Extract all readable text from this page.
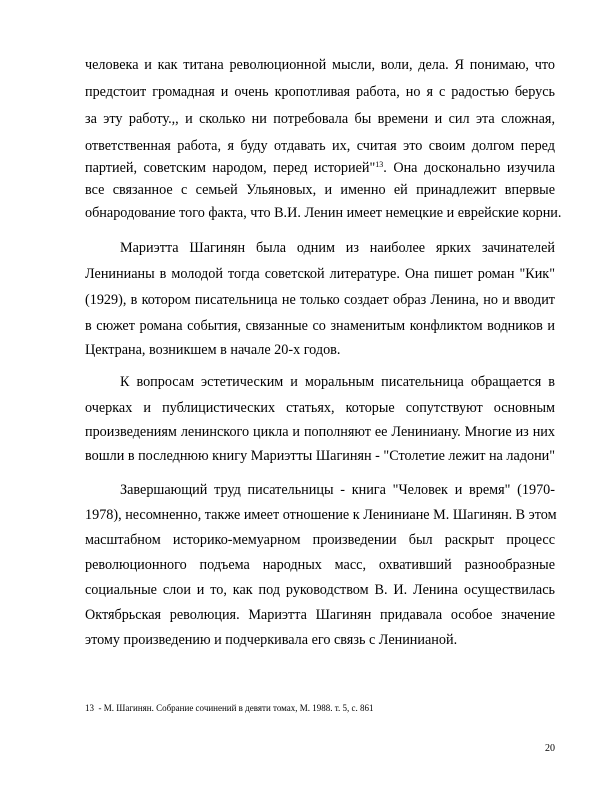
человека и как титана революционной мысли, воли, дела. Я понимаю, что
предстоит громадная и очень кропотливая работа, но я с радостью берусь
за эту работу.,, и сколько ни потребовала бы времени и сил эта сложная,
ответственная работа, я буду отдавать их, считая это своим долгом перед
партией, советским народом, перед историей"$^{13}$. Она досконально изучила
все связанное с семьей Ульяновых, и именно ей принадлежит впервые
обнародование того факта, что В.И. Ленин имеет немецкие и еврейские корни.
Мариэтта Шагинян была одним из наиболее ярких зачинателей
Ленинианы в молодой тогда советской литературе. Она пишет роман "Кик"
(1929), в котором писательница не только создает образ Ленина, но и вводит
в сюжет романа события, связанные со знаменитым конфликтом водников и
Цектрана, возникшем в начале 20-х годов.
К вопросам эстетическим и моральным писательница обращается в
очерках и публицистических статьях, которые сопутствуют основным
произведениям ленинского цикла и пополняют ее Лениниану. Многие из них
вошли в последнюю книгу Мариэтты Шагинян - "Столетие лежит на ладони"
Завершающий труд писательницы - книга "Человек и время" (1970-
1978), несомненно, также имеет отношение к Лениниане М. Шагинян. В этом
масштабном историко-мемуарном произведении был раскрыт процесс
революционного подъема народных масс, охвативший разнообразные
социальные слои и то, как под руководством В. И. Ленина осуществилась
Октябрьская революция. Мариэтта Шагинян придавала особое значение
этому произведению и подчеркивала его связь с Ленинианой.
13 - М. Шагинян. Собрание сочинений в девяти томах, М. 1988. т. 5, с. 861
20
